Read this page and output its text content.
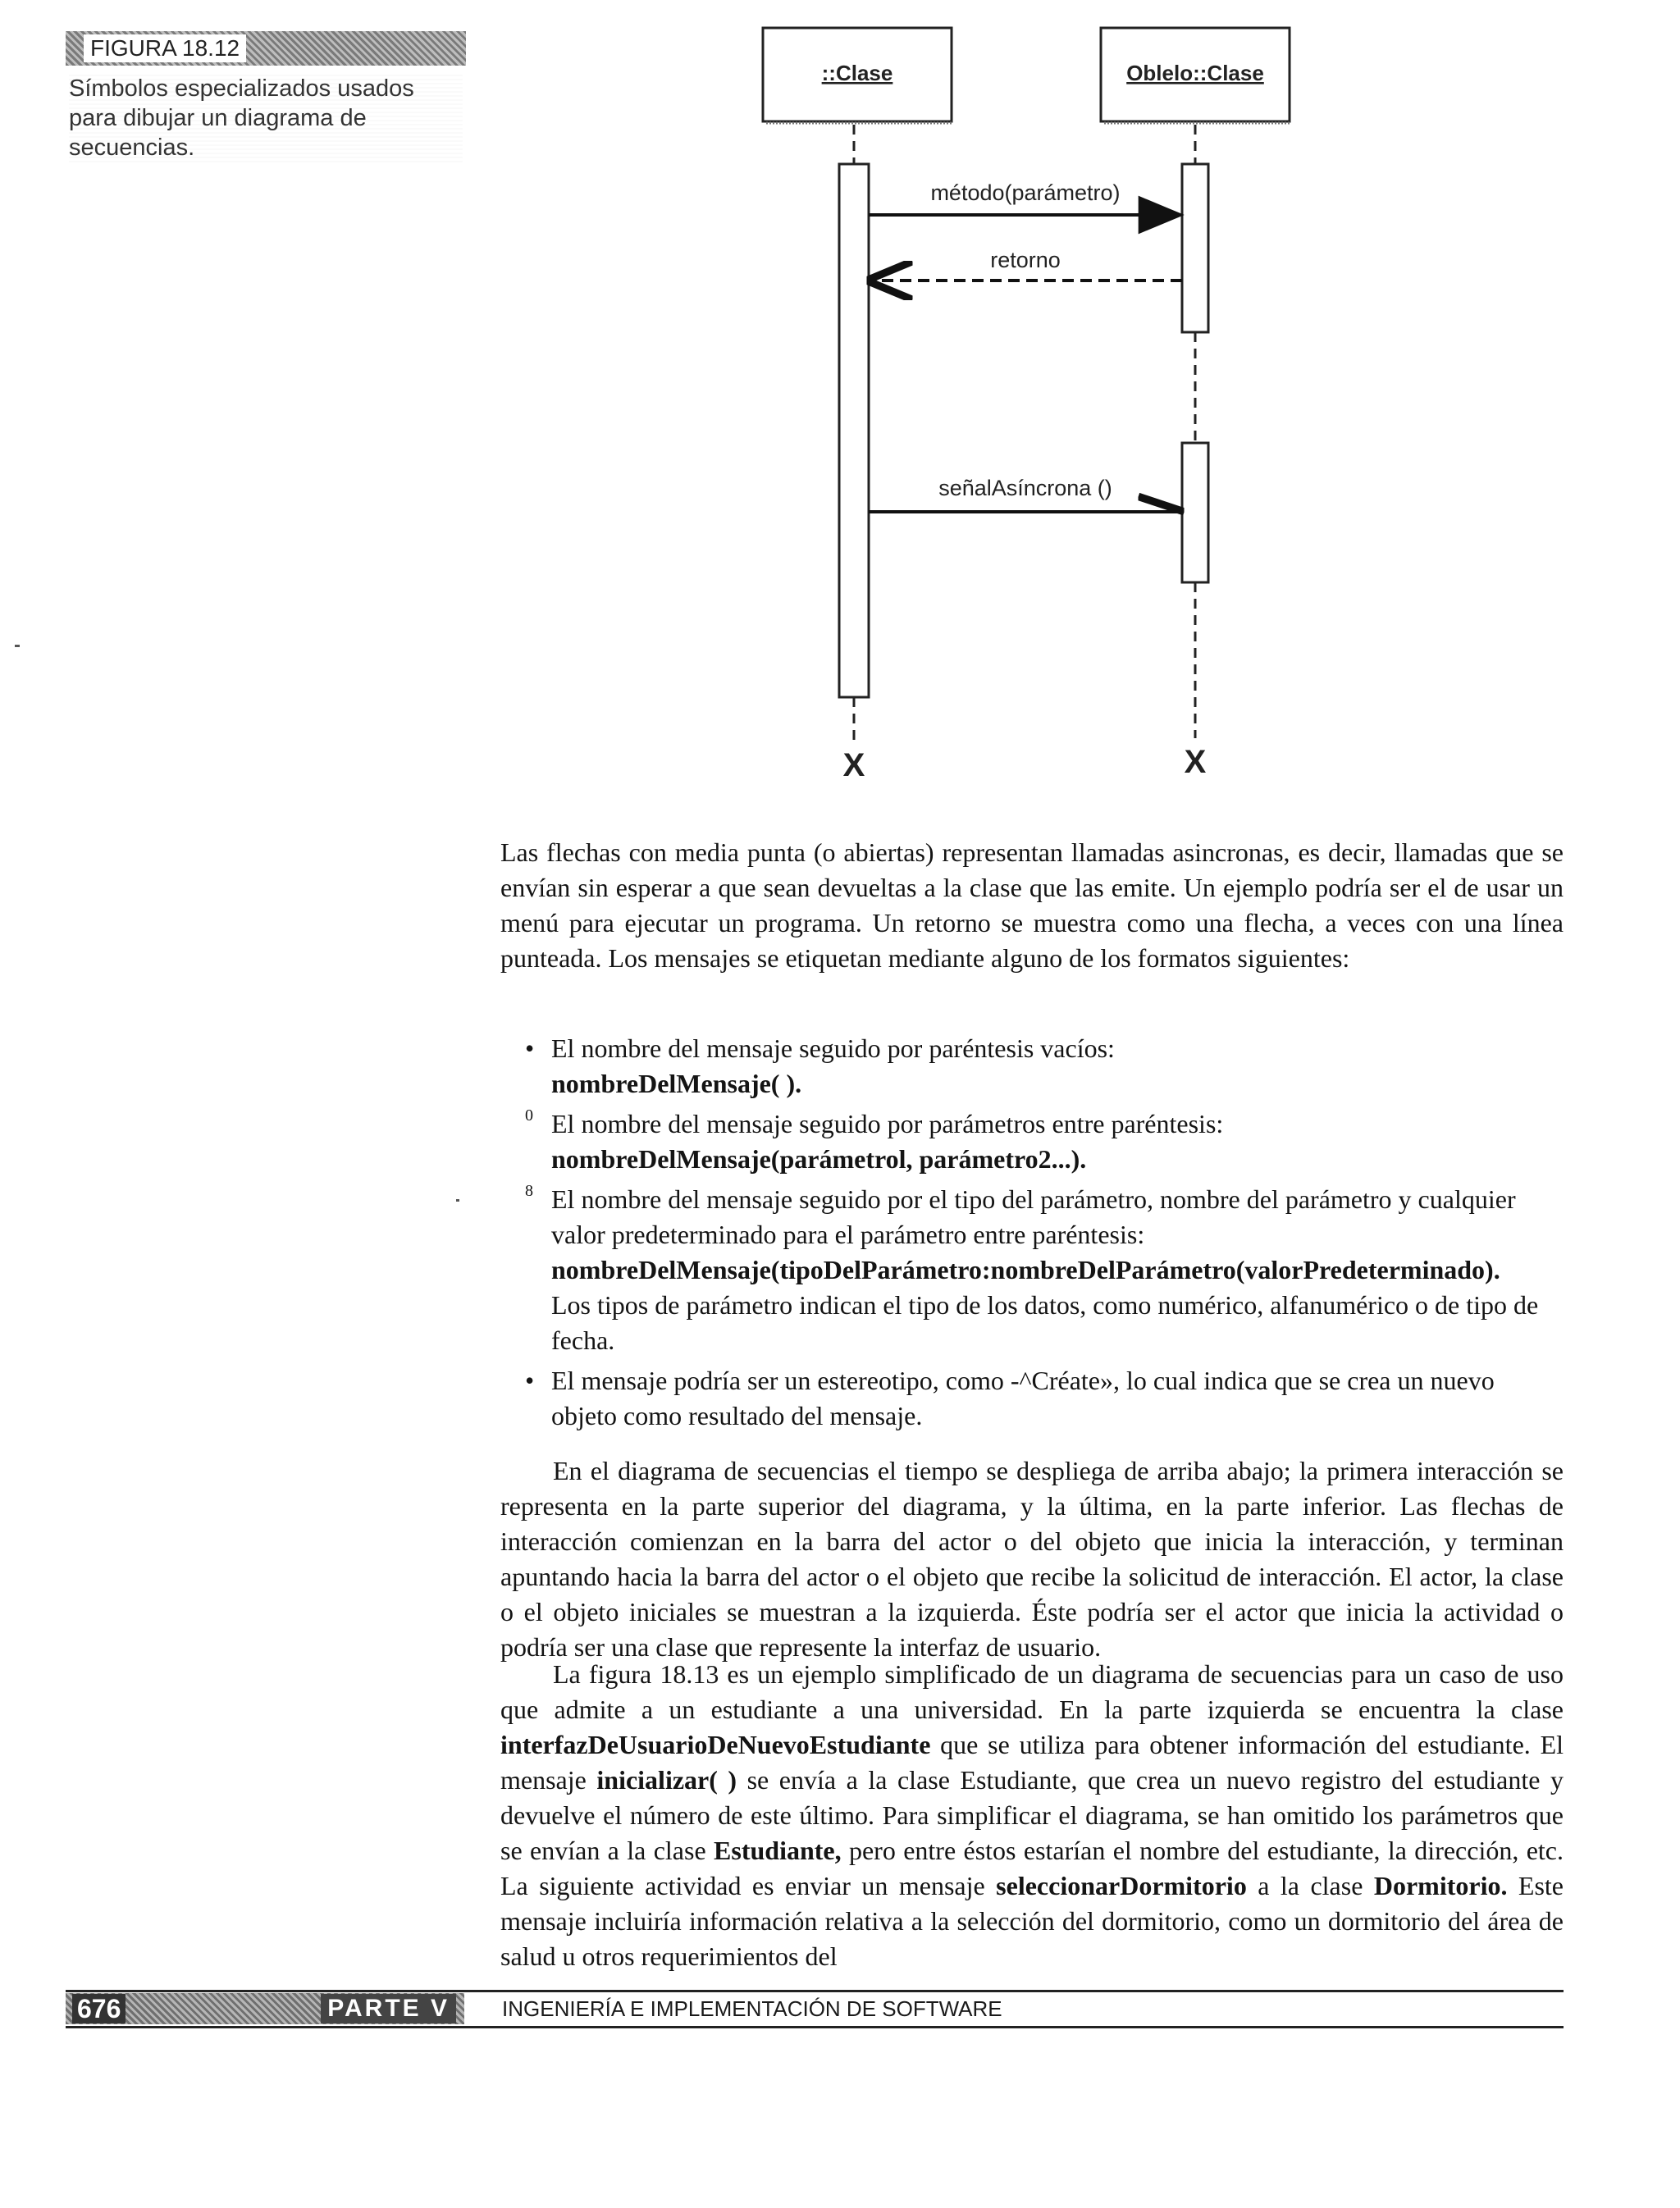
FIGURA 18.12
Símbolos especializados usados para dibujar un diagrama de secuencias.
::Clase	Oblelo::Clase
método(parámetro)
retorno
señalAsíncrona ()
X	X

Las flechas con media punta (o abiertas) representan llamadas asincronas, es decir, llamadas que se envían sin esperar a que sean devueltas a la clase que las emite. Un ejemplo podría ser el de usar un menú para ejecutar un programa. Un retorno se muestra como una flecha, a veces con una línea punteada. Los mensajes se etiquetan mediante alguno de los formatos siguientes:

• El nombre del mensaje seguido por paréntesis vacíos:
nombreDelMensaje( ).
0 El nombre del mensaje seguido por parámetros entre paréntesis:
nombreDelMensaje(parámetrol, parámetro2...).
8 El nombre del mensaje seguido por el tipo del parámetro, nombre del parámetro y cualquier valor predeterminado para el parámetro entre paréntesis:
nombreDelMensaje(tipoDelParámetro:nombreDelParámetro(valorPredeterminado).
Los tipos de parámetro indican el tipo de los datos, como numérico, alfanumérico o de tipo de fecha.
• El mensaje podría ser un estereotipo, como -^Créate», lo cual indica que se crea un nuevo objeto como resultado del mensaje.

En el diagrama de secuencias el tiempo se despliega de arriba abajo; la primera interacción se representa en la parte superior del diagrama, y la última, en la parte inferior. Las flechas de interacción comienzan en la barra del actor o del objeto que inicia la interacción, y terminan apuntando hacia la barra del actor o el objeto que recibe la solicitud de interacción. El actor, la clase o el objeto iniciales se muestran a la izquierda. Éste podría ser el actor que inicia la actividad o podría ser una clase que represente la interfaz de usuario.

La figura 18.13 es un ejemplo simplificado de un diagrama de secuencias para un caso de uso que admite a un estudiante a una universidad. En la parte izquierda se encuentra la clase interfazDeUsuarioDeNuevoEstudiante que se utiliza para obtener información del estudiante. El mensaje inicializar( ) se envía a la clase Estudiante, que crea un nuevo registro del estudiante y devuelve el número de este último. Para simplificar el diagrama, se han omitido los parámetros que se envían a la clase Estudiante, pero entre éstos estarían el nombre del estudiante, la dirección, etc. La siguiente actividad es enviar un mensaje seleccionarDormitorio a la clase Dormitorio. Este mensaje incluiría información relativa a la selección del dormitorio, como un dormitorio del área de salud u otros requerimientos del

676	PARTE V	INGENIERÍA E IMPLEMENTACIÓN DE SOFTWARE
